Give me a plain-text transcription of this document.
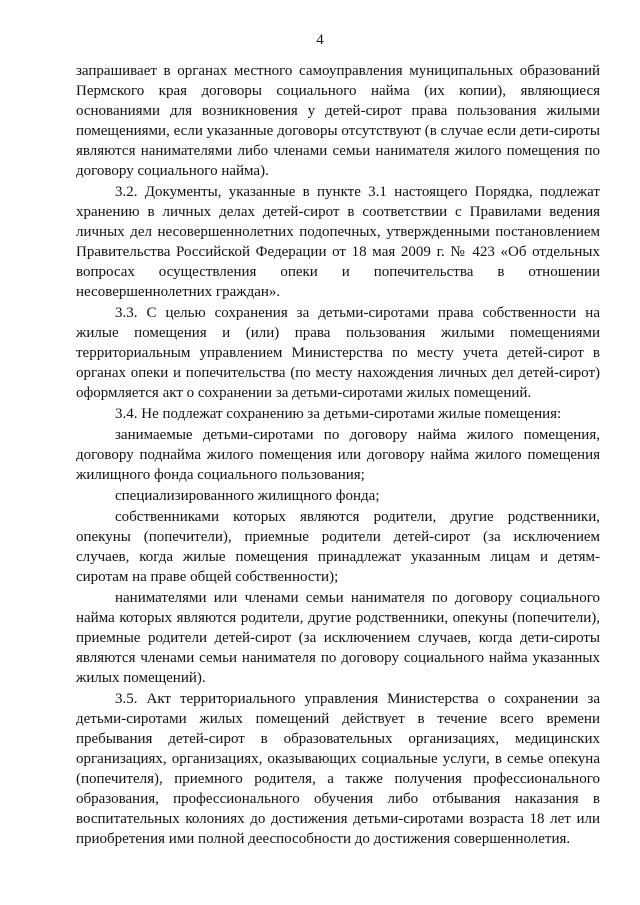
4

запрашивает в органах местного самоуправления муниципальных образований Пермского края договоры социального найма (их копии), являющиеся основаниями для возникновения у детей-сирот права пользования жилыми помещениями, если указанные договоры отсутствуют (в случае если дети-сироты являются нанимателями либо членами семьи нанимателя жилого помещения по договору социального найма).

3.2. Документы, указанные в пункте 3.1 настоящего Порядка, подлежат хранению в личных делах детей-сирот в соответствии с Правилами ведения личных дел несовершеннолетних подопечных, утвержденными постановлением Правительства Российской Федерации от 18 мая 2009 г. № 423 «Об отдельных вопросах осуществления опеки и попечительства в отношении несовершеннолетних граждан».

3.3. С целью сохранения за детьми-сиротами права собственности на жилые помещения и (или) права пользования жилыми помещениями территориальным управлением Министерства по месту учета детей-сирот в органах опеки и попечительства (по месту нахождения личных дел детей-сирот) оформляется акт о сохранении за детьми-сиротами жилых помещений.

3.4. Не подлежат сохранению за детьми-сиротами жилые помещения:

занимаемые детьми-сиротами по договору найма жилого помещения, договору поднайма жилого помещения или договору найма жилого помещения жилищного фонда социального пользования;

специализированного жилищного фонда;

собственниками которых являются родители, другие родственники, опекуны (попечители), приемные родители детей-сирот (за исключением случаев, когда жилые помещения принадлежат указанным лицам и детям-сиротам на праве общей собственности);

нанимателями или членами семьи нанимателя по договору социального найма которых являются родители, другие родственники, опекуны (попечители), приемные родители детей-сирот (за исключением случаев, когда дети-сироты являются членами семьи нанимателя по договору социального найма указанных жилых помещений).

3.5. Акт территориального управления Министерства о сохранении за детьми-сиротами жилых помещений действует в течение всего времени пребывания детей-сирот в образовательных организациях, медицинских организациях, организациях, оказывающих социальные услуги, в семье опекуна (попечителя), приемного родителя, а также получения профессионального образования, профессионального обучения либо отбывания наказания в воспитательных колониях до достижения детьми-сиротами возраста 18 лет или приобретения ими полной дееспособности до достижения совершеннолетия.
